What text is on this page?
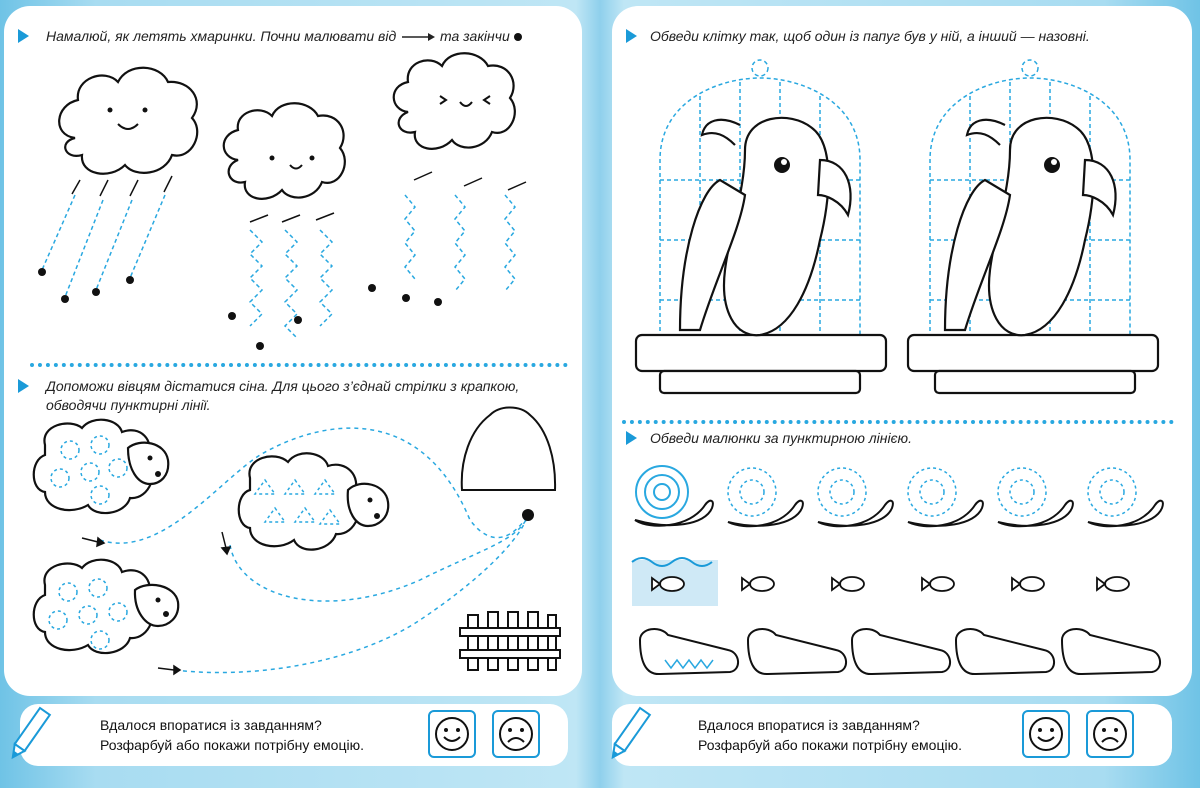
Намалюй, як летять хмаринки. Почни малювати від	та закінчи
Допоможи вівцям дістатися сіна. Для цього з’єднай стрілки з крапкою,
обводячи пунктирні лінії.
Вдалося впоратися із завданням?
Розфарбуй або покажи потрібну емоцію.
Обведи клітку так, щоб один із папуг був у ній, а інший — назовні.
Обведи малюнки за пунктирною лінією.
Вдалося впоратися із завданням?
Розфарбуй або покажи потрібну емоцію.
